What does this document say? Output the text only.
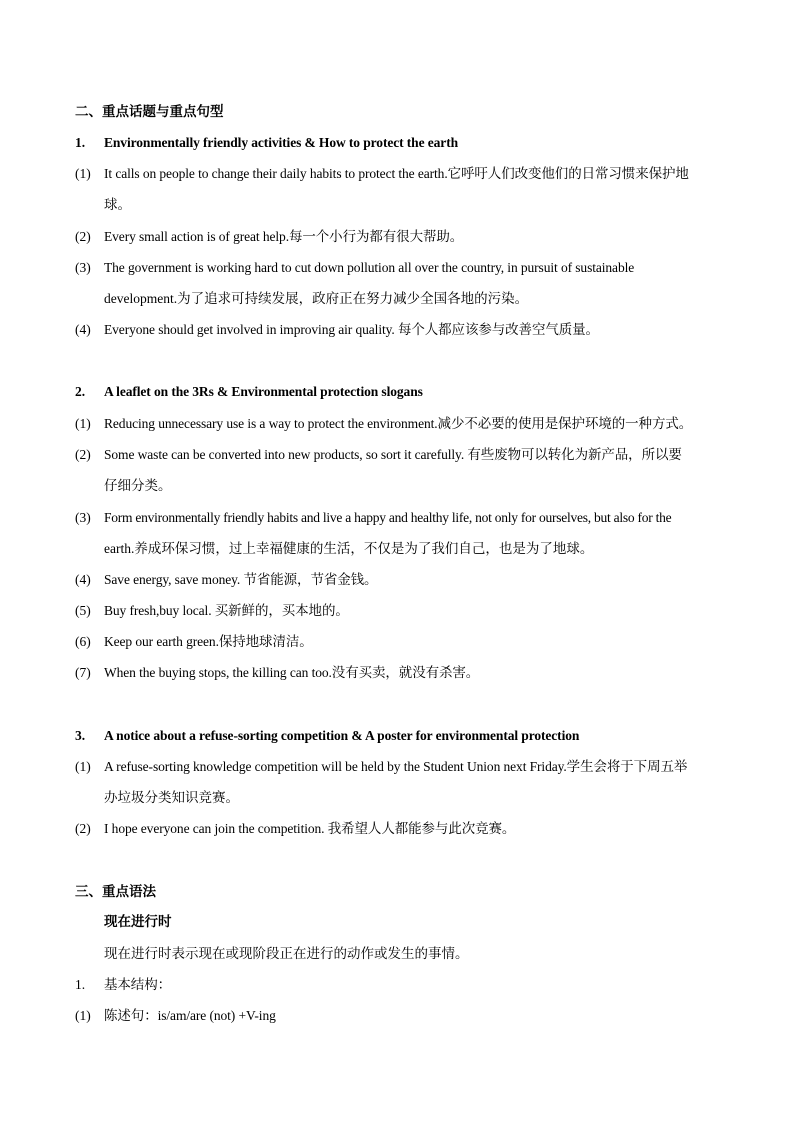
二、重点话题与重点句型
1. Environmentally friendly activities & How to protect the earth
(1) It calls on people to change their daily habits to protect the earth.它呼吁人们改变他们的日常习惯来保护地
球。
(2) Every small action is of great help.每一个小行为都有很大帮助。
(3) The government is working hard to cut down pollution all over the country, in pursuit of sustainable
development.为了追求可持续发展，政府正在努力减少全国各地的污染。
(4) Everyone should get involved in improving air quality. 每个人都应该参与改善空气质量。
2. A leaflet on the 3Rs & Environmental protection slogans
(1) Reducing unnecessary use is a way to protect the environment.减少不必要的使用是保护环境的一种方式。
(2) Some waste can be converted into new products, so sort it carefully. 有些废物可以转化为新产品，所以要
仔细分类。
(3) Form environmentally friendly habits and live a happy and healthy life, not only for ourselves, but also for the
earth.养成环保习惯，过上幸福健康的生活，不仅是为了我们自己，也是为了地球。
(4) Save energy, save money. 节省能源，节省金钱。
(5) Buy fresh,buy local. 买新鲜的，买本地的。
(6) Keep our earth green.保持地球清洁。
(7) When the buying stops, the killing can too.没有买卖，就没有杀害。
3. A notice about a refuse-sorting competition & A poster for environmental protection
(1) A refuse-sorting knowledge competition will be held by the Student Union next Friday.学生会将于下周五举
办垃圾分类知识竞赛。
(2) I hope everyone can join the competition. 我希望人人都能参与此次竞赛。
三、重点语法
现在进行时
现在进行时表示现在或现阶段正在进行的动作或发生的事情。
1. 基本结构：
(1) 陈述句：is/am/are (not) +V-ing
